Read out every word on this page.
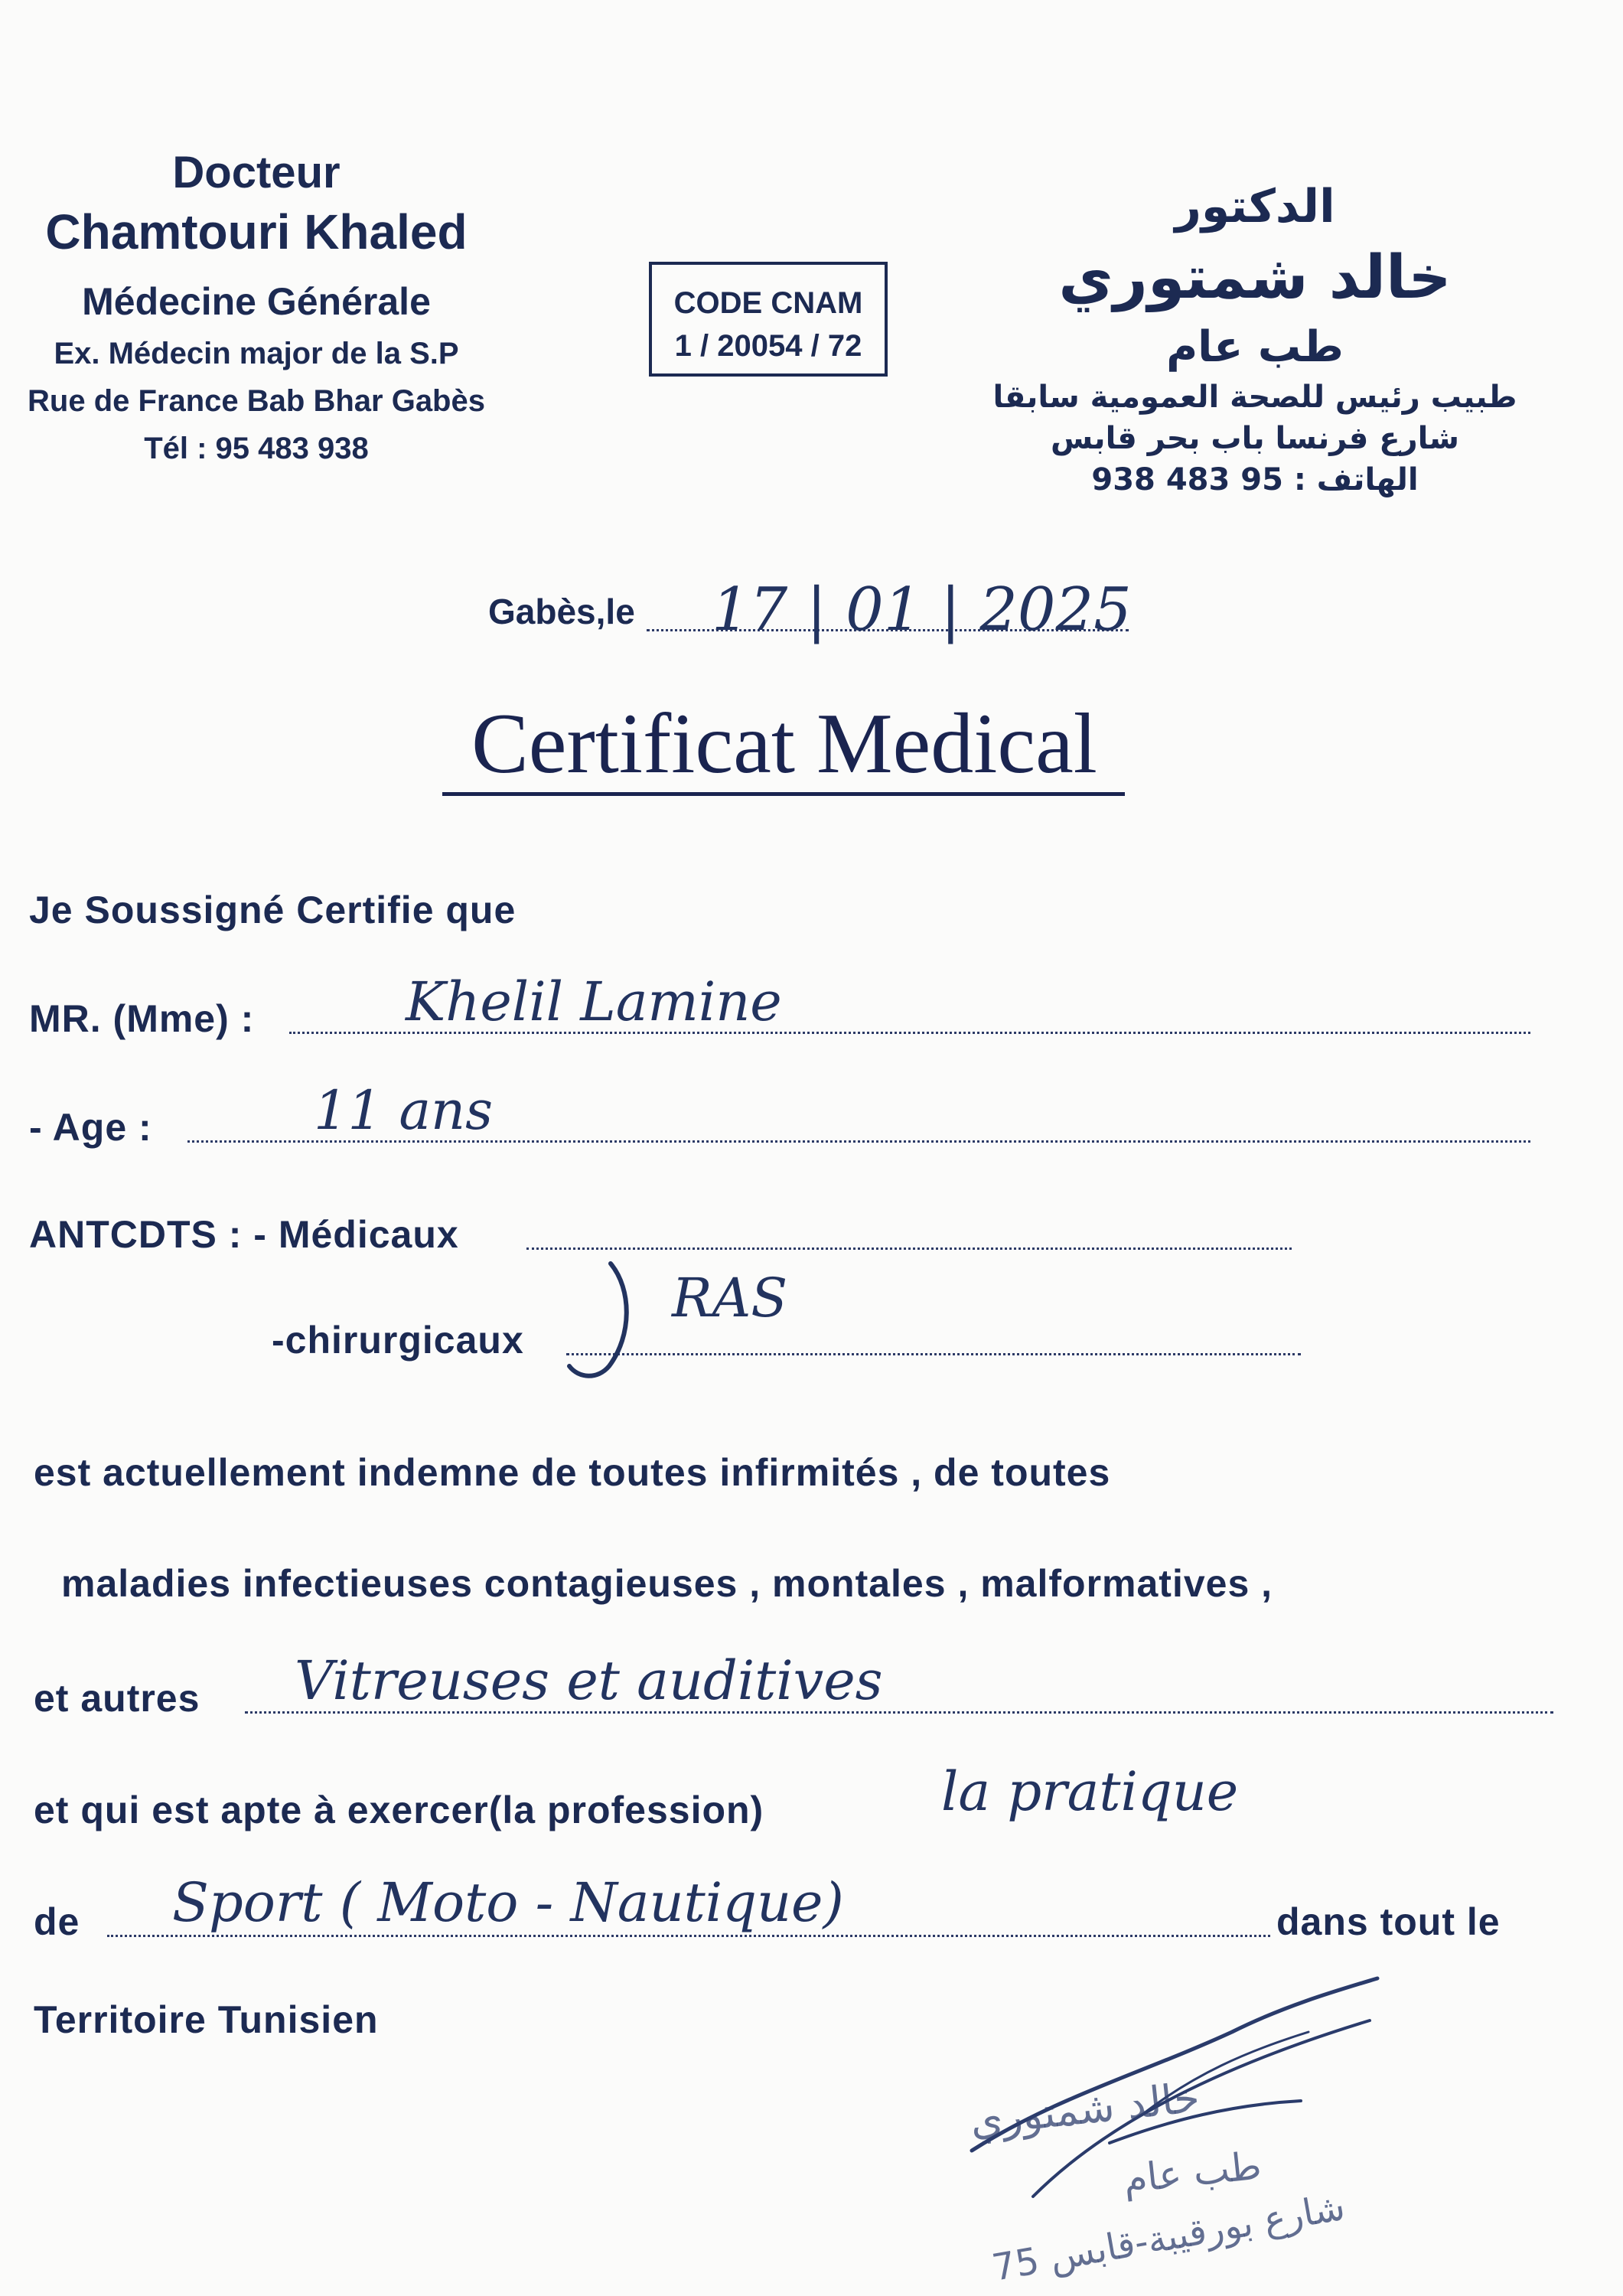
Docteur
Chamtouri Khaled
Médecine Générale
Ex. Médecin major de la S.P
Rue de France Bab Bhar Gabès
Tél : 95 483 938
CODE CNAM
1 / 20054 / 72
الدكتور
خالد شمتوري
طب عام
طبيب رئيس للصحة العمومية سابقا
شارع فرنسا باب بحر قابس
الهاتف : 95 483 938
Gabès,le 17 | 01 | 2025
Certificat Medical
Je Soussigné Certifie que
MR. (Mme) :	Khelil Lamine
- Age :	11 ans
ANTCDTS : - Médicaux
-chirurgicaux
RAS
est actuellement indemne de toutes infirmités , de toutes
maladies infectieuses contagieuses , montales , malformatives ,
et autres Vitreuses et auditives
et qui est apte à exercer(la profession)	la pratique
de Sport ( Moto - Nautique)	dans tout le
Territoire Tunisien
خالد شمتوري
طب عام
75 شارع بورقيبة-قابس
